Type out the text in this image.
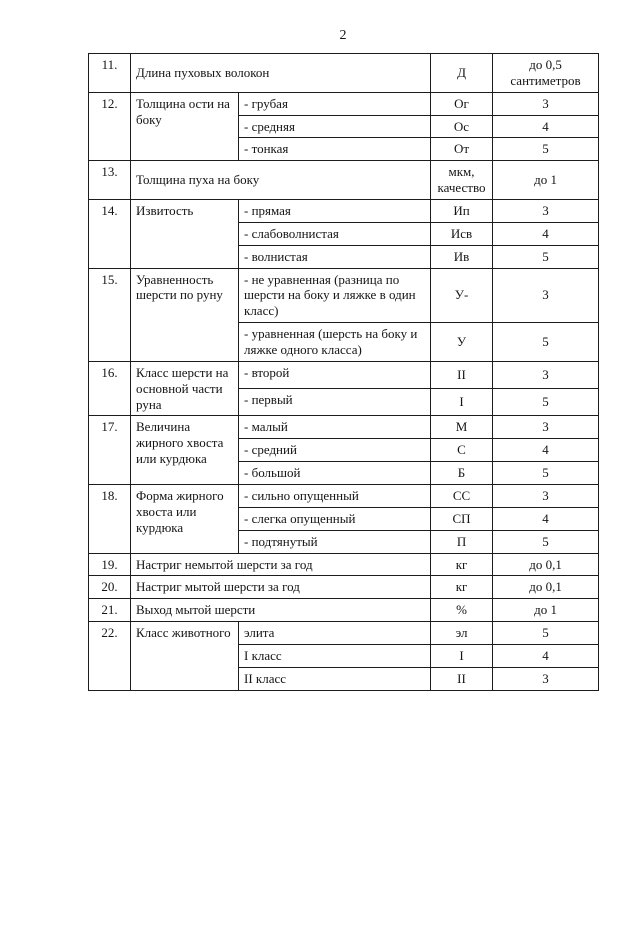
2
11.	Длина пуховых волокон		Д	до 0,5 сантиметров
12.	Толщина ости на боку	- грубая	Ог	3
		- средняя	Ос	4
		- тонкая	От	5
13.	Толщина пуха на боку		мкм, качество	до 1
14.	Извитость	- прямая	Ип	3
		- слабоволнистая	Исв	4
		- волнистая	Ив	5
15.	Уравненность шерсти по руну	- не уравненная (разница по шерсти на боку и ляжке в один класс)	У-	3
		- уравненная (шерсть на боку и ляжке одного класса)	У	5
16.	Класс шерсти на основной части руна	- второй	II	3
		- первый	I	5
17.	Величина жирного хвоста или курдюка	- малый	М	3
		- средний	С	4
		- большой	Б	5
18.	Форма жирного хвоста или курдюка	- сильно опущенный	СС	3
		- слегка опущенный	СП	4
		- подтянутый	П	5
19.	Настриг немытой шерсти за год		кг	до 0,1
20.	Настриг мытой шерсти за год		кг	до 0,1
21.	Выход мытой шерсти		%	до 1
22.	Класс животного	элита	эл	5
		I класс	I	4
		II класс	II	3
